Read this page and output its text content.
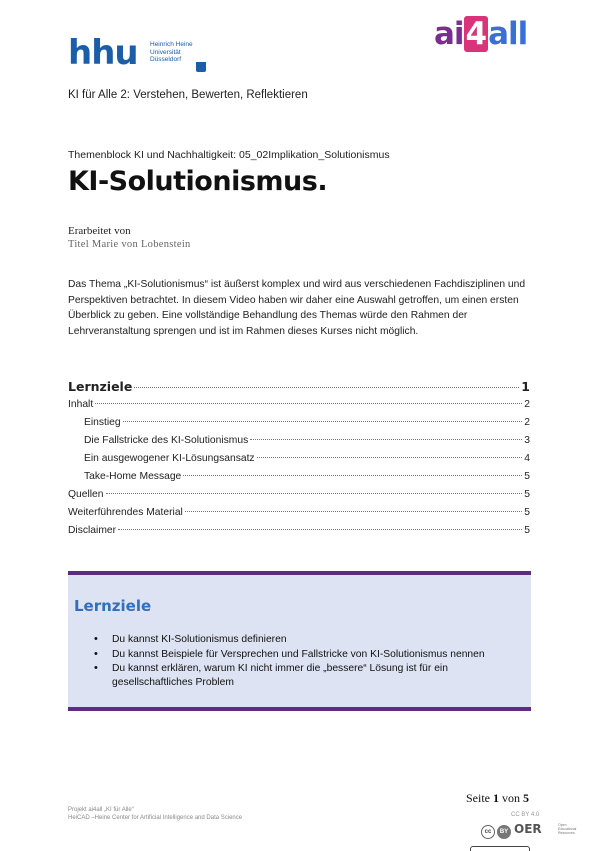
hhu Heinrich Heine
Universität
Düsseldorf
ai4all
KI für Alle 2: Verstehen, Bewerten, Reflektieren
Themenblock KI und Nachhaltigkeit: 05_02Implikation_Solutionismus
KI-Solutionismus.
Erarbeitet von
Titel Marie von Lobenstein

Das Thema „KI-Solutionismus“ ist äußerst komplex und wird aus verschiedenen Fachdisziplinen und Perspektiven betrachtet. In diesem Video haben wir daher eine Auswahl getroffen, um einen ersten Überblick zu geben. Eine vollständige Behandlung des Themas würde den Rahmen der Lehrveranstaltung sprengen und ist im Rahmen dieses Kurses nicht möglich.

Lernziele	1
Inhalt	2
Einstieg	2
Die Fallstricke des KI-Solutionismus	3
Ein ausgewogener KI-Lösungsansatz	4
Take-Home Message	5
Quellen	5
Weiterführendes Material	5
Disclaimer	5
Lernziele
• Du kannst KI-Solutionismus definieren
• Du kannst Beispiele für Versprechen und Fallstricke von KI-Solutionismus nennen
• Du kannst erklären, warum KI nicht immer die „bessere“ Lösung ist für ein gesellschaftliches Problem
Seite 1 von 5
Projekt ai4all „KI für Alle“
HeiCAD –Heine Center for Artificial Intelligence and Data Science	CC BY 4.0
cc	BY OER	Open
Educational
Resources
